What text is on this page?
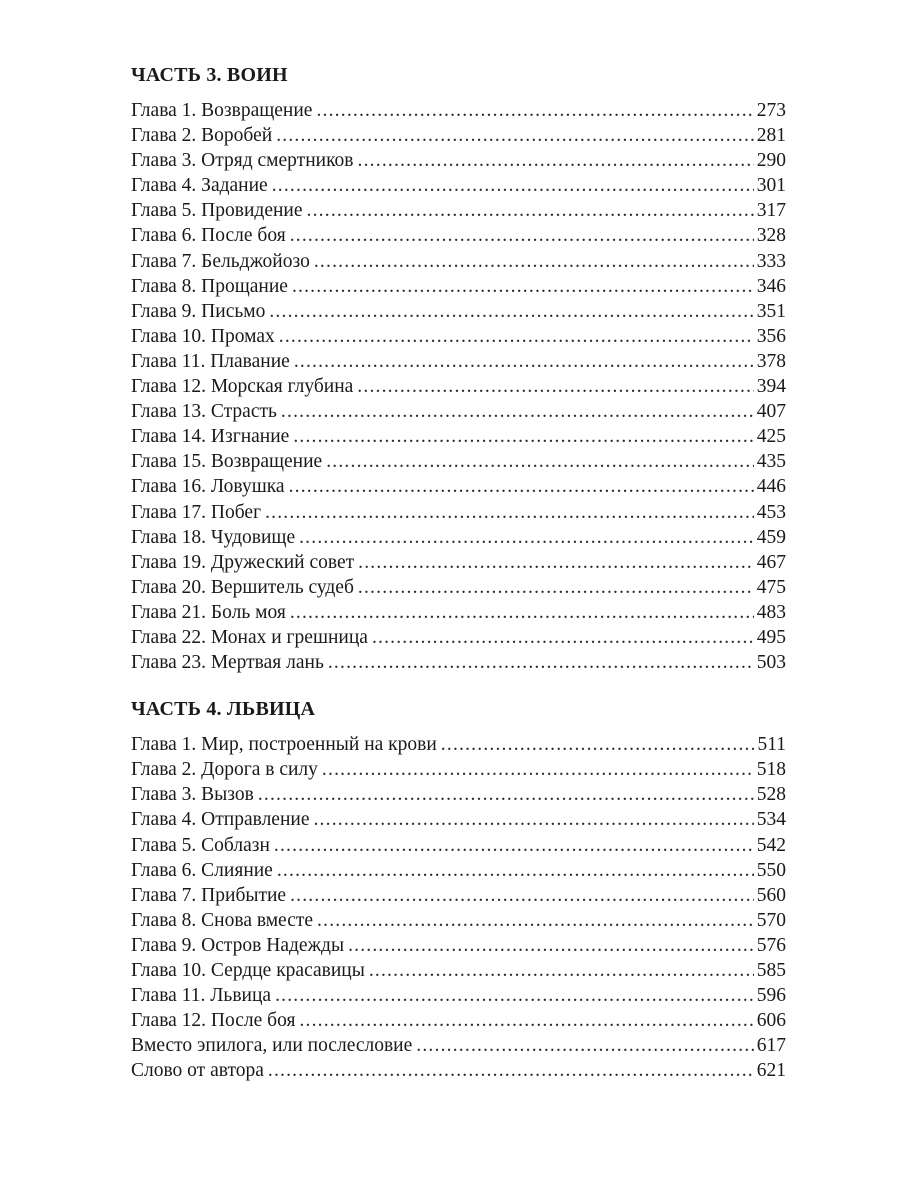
ЧАСТЬ 3. ВОИН
Глава 1. Возвращение .....	273
Глава 2. Воробей .....	281
Глава 3. Отряд смертников .....	290
Глава 4. Задание .....	301
Глава 5. Провидение .....	317
Глава 6. После боя .....	328
Глава 7. Бельджойозо .....	333
Глава 8. Прощание .....	346
Глава 9. Письмо .....	351
Глава 10. Промах .....	356
Глава 11. Плавание .....	378
Глава 12. Морская глубина .....	394
Глава 13. Страсть .....	407
Глава 14. Изгнание .....	425
Глава 15. Возвращение .....	435
Глава 16. Ловушка .....	446
Глава 17. Побег .....	453
Глава 18. Чудовище .....	459
Глава 19. Дружеский совет .....	467
Глава 20. Вершитель судеб .....	475
Глава 21. Боль моя .....	483
Глава 22. Монах и грешница .....	495
Глава 23. Мертвая лань .....	503
ЧАСТЬ 4. ЛЬВИЦА
Глава 1. Мир, построенный на крови .....	511
Глава 2. Дорога в силу .....	518
Глава 3. Вызов .....	528
Глава 4. Отправление .....	534
Глава 5. Соблазн .....	542
Глава 6. Слияние .....	550
Глава 7. Прибытие .....	560
Глава 8. Снова вместе .....	570
Глава 9. Остров Надежды .....	576
Глава 10. Сердце красавицы .....	585
Глава 11. Львица .....	596
Глава 12. После боя .....	606
Вместо эпилога, или послесловие .....	617
Слово от автора .....	621
